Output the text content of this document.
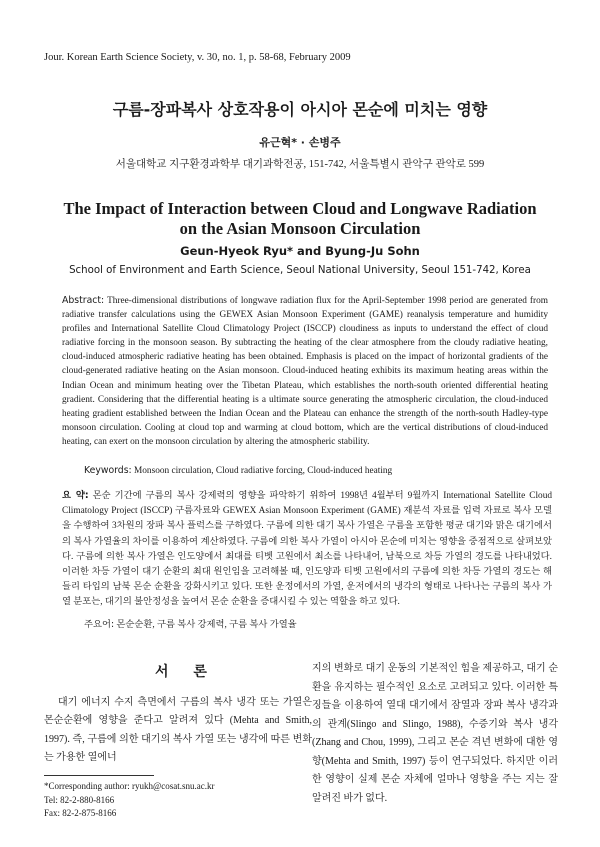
Jour. Korean Earth Science Society, v. 30, no. 1, p. 58-68, February 2009
구름-장파복사 상호작용이 아시아 몬순에 미치는 영향
유근혁* · 손병주
서울대학교 지구환경과학부 대기과학전공, 151-742, 서울특별시 관악구 관악로 599
The Impact of Interaction between Cloud and Longwave Radiation
on the Asian Monsoon Circulation
Geun-Hyeok Ryu* and Byung-Ju Sohn
School of Environment and Earth Science, Seoul National University, Seoul 151-742, Korea
Abstract: Three-dimensional distributions of longwave radiation flux for the April-September 1998 period are generated from radiative transfer calculations using the GEWEX Asian Monsoon Experiment (GAME) reanalysis temperature and humidity profiles and International Satellite Cloud Climatology Project (ISCCP) cloudiness as inputs to understand the effect of cloud radiative forcing in the monsoon season. By subtracting the heating of the clear atmosphere from the cloudy radiative heating, cloud-induced atmospheric radiative heating has been obtained. Emphasis is placed on the impact of horizontal gradients of the cloud-generated radiative heating on the Asian monsoon. Cloud-induced heating exhibits its maximum heating areas within the Indian Ocean and minimum heating over the Tibetan Plateau, which establishes the north-south oriented differential heating gradient. Considering that the differential heating is a ultimate source generating the atmospheric circulation, the cloud-induced heating gradient established between the Indian Ocean and the Plateau can enhance the strength of the north-south Hadley-type monsoon circulation. Cooling at cloud top and warming at cloud bottom, which are the vertical distributions of cloud-induced heating, can exert on the monsoon circulation by altering the atmospheric stability.
Keywords: Monsoon circulation, Cloud radiative forcing, Cloud-induced heating
요 약: 몬순 기간에 구름의 복사 강제력의 영향을 파악하기 위하여 1998년 4월부터 9월까지 International Satellite Cloud Climatology Project (ISCCP) 구름자료와 GEWEX Asian Monsoon Experiment (GAME) 재분석 자료를 입력 자료로 복사 모델을 수행하여 3차원의 장파 복사 플럭스를 구하였다. 구름에 의한 대기 복사 가열은 구름을 포함한 평균 대기와 맑은 대기에서의 복사 가열율의 차이를 이용하여 계산하였다. 구름에 의한 복사 가열이 아시아 몬순에 미치는 영향을 중점적으로 살펴보았다. 구름에 의한 복사 가열은 인도양에서 최대를 티벳 고원에서 최소를 나타내어, 남북으로 차등 가열의 경도를 나타내었다. 이러한 차등 가열이 대기 순환의 최대 원인임을 고려해볼 때, 인도양과 티벳 고원에서의 구름에 의한 차등 가열의 경도는 해들리 타입의 남북 몬순 순환을 강화시키고 있다. 또한 운정에서의 가열, 운저에서의 냉각의 형태로 나타나는 구름의 복사 가열 분포는, 대기의 불안정성을 높여서 몬순 순환을 증대시킬 수 있는 역할을 하고 있다.
주요어: 몬순순환, 구름 복사 강제력, 구름 복사 가열율
서 론
대기 에너지 수지 측면에서 구름의 복사 냉각 또는 가열은 몬순순환에 영향을 준다고 알려져 있다 (Mehta and Smith, 1997). 즉, 구름에 의한 대기의 복사 가열 또는 냉각에 따른 변화는 가용한 열에너
지의 변화로 대기 운동의 기본적인 힘을 제공하고, 대기 순환을 유지하는 필수적인 요소로 고려되고 있다. 이러한 특징들을 이용하여 열대 대기에서 잠열과 장파 복사 냉각과의 관계(Slingo and Slingo, 1988), 수증기와 복사 냉각(Zhang and Chou, 1999), 그리고 몬순 격년 변화에 대한 영향(Mehta and Smith, 1997) 등이 연구되었다. 하지만 이러한 영향이 실제 몬순 자체에 얼마나 영향을 주는 지는 잘 알려진 바가 없다.
*Corresponding author: ryukh@cosat.snu.ac.kr
Tel: 82-2-880-8166
Fax: 82-2-875-8166
